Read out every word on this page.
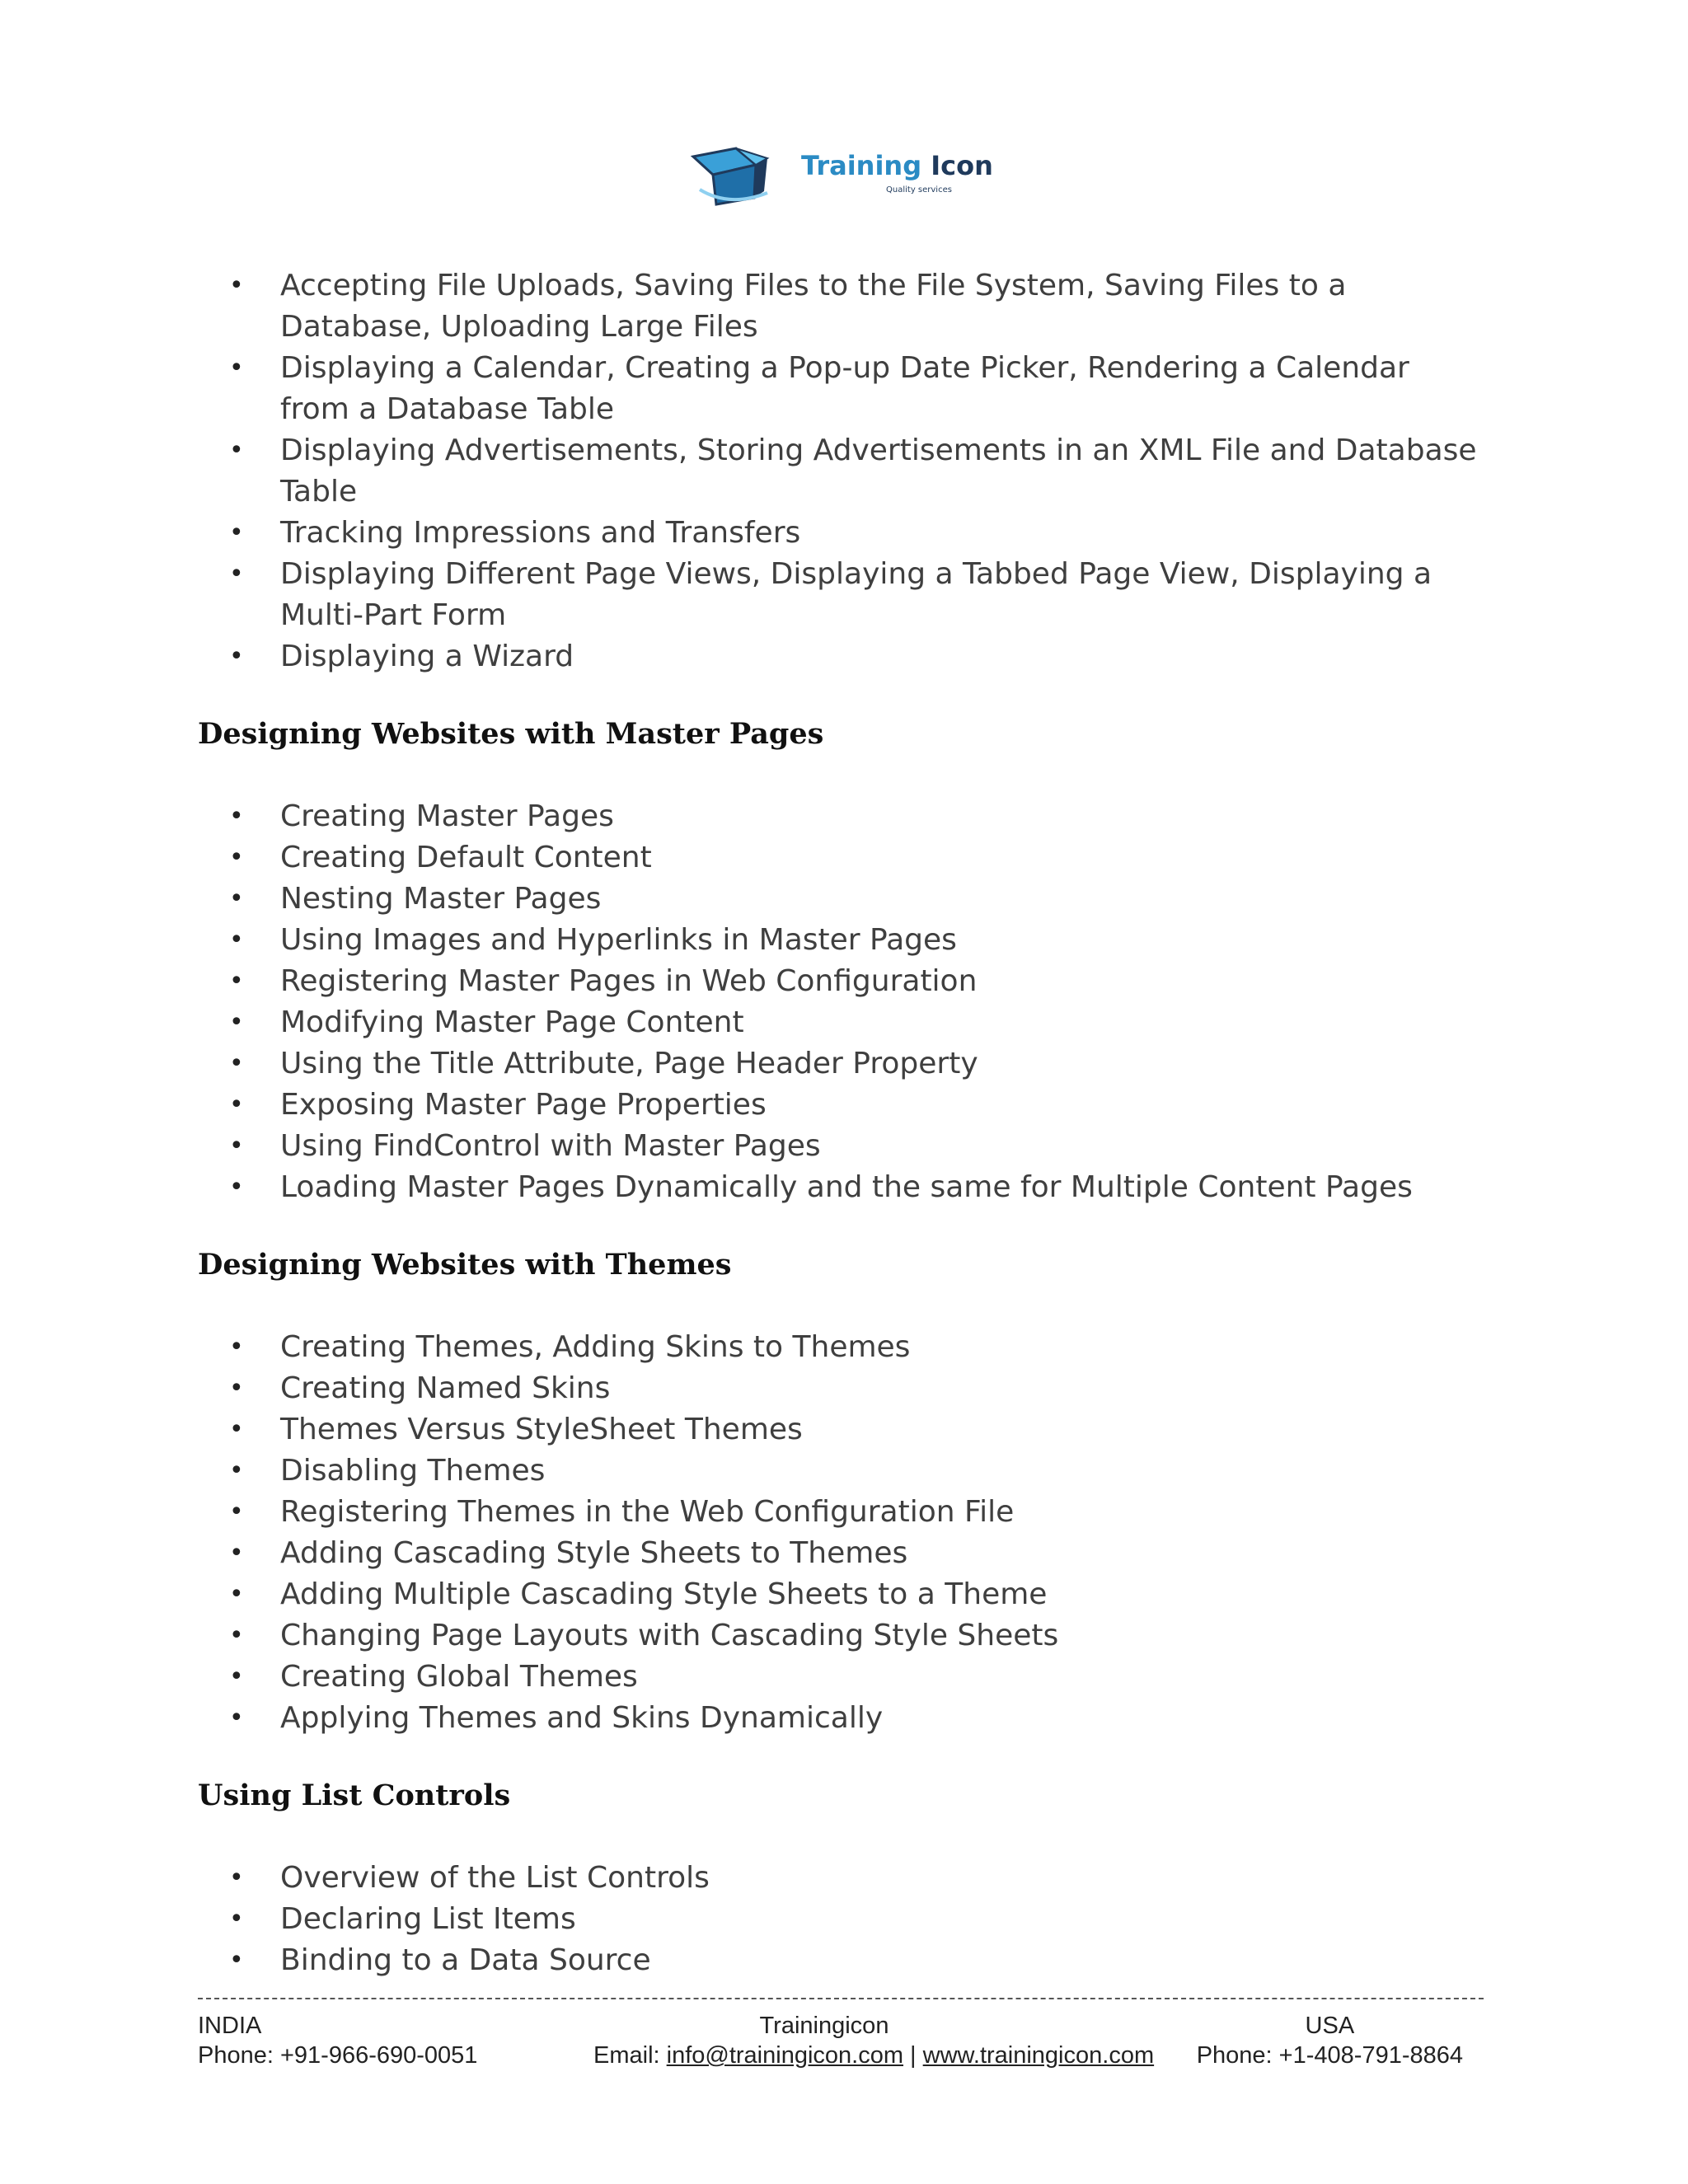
Training Icon
Quality services
• Accepting File Uploads, Saving Files to the File System, Saving Files to a Database, Uploading Large Files
• Displaying a Calendar, Creating a Pop-up Date Picker, Rendering a Calendar from a Database Table
• Displaying Advertisements, Storing Advertisements in an XML File and Database Table
• Tracking Impressions and Transfers
• Displaying Different Page Views, Displaying a Tabbed Page View, Displaying a Multi-Part Form
• Displaying a Wizard
Designing Websites with Master Pages
• Creating Master Pages
• Creating Default Content
• Nesting Master Pages
• Using Images and Hyperlinks in Master Pages
• Registering Master Pages in Web Configuration
• Modifying Master Page Content
• Using the Title Attribute, Page Header Property
• Exposing Master Page Properties
• Using FindControl with Master Pages
• Loading Master Pages Dynamically and the same for Multiple Content Pages
Designing Websites with Themes
• Creating Themes, Adding Skins to Themes
• Creating Named Skins
• Themes Versus StyleSheet Themes
• Disabling Themes
• Registering Themes in the Web Configuration File
• Adding Cascading Style Sheets to Themes
• Adding Multiple Cascading Style Sheets to a Theme
• Changing Page Layouts with Cascading Style Sheets
• Creating Global Themes
• Applying Themes and Skins Dynamically
Using List Controls
• Overview of the List Controls
• Declaring List Items
• Binding to a Data Source
INDIA
Phone: +91-966-690-0051
Trainingicon
Email: info@trainingicon.com | www.trainingicon.com
USA
Phone: +1-408-791-8864
